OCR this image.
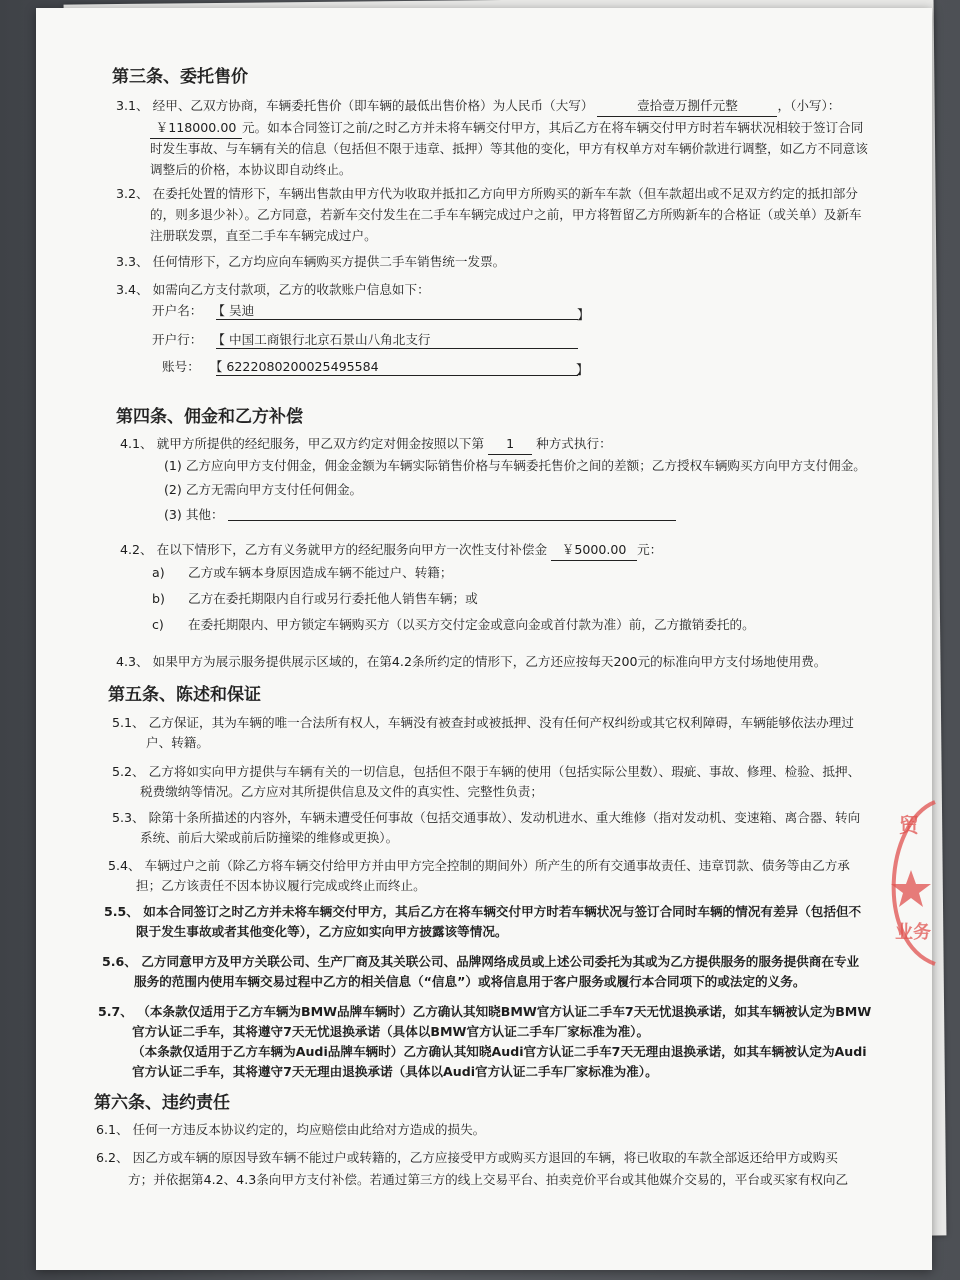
第三条、委托售价
3.1、 经甲、乙双方协商，车辆委托售价（即车辆的最低出售价格）为人民币（大写）	壹拾壹万捌仟元整	，（小写）：
￥118000.00 元。如本合同签订之前/之时乙方并未将车辆交付甲方，其后乙方在将车辆交付甲方时若车辆状况相较于签订合同
时发生事故、与车辆有关的信息（包括但不限于违章、抵押）等其他的变化，甲方有权单方对车辆价款进行调整，如乙方不同意该
调整后的价格，本协议即自动终止。
3.2、 在委托处置的情形下，车辆出售款由甲方代为收取并抵扣乙方向甲方所购买的新车车款（但车款超出或不足双方约定的抵扣部分
的，则多退少补）。乙方同意，若新车交付发生在二手车车辆完成过户之前，甲方将暂留乙方所购新车的合格证（或关单）及新车
注册联发票，直至二手车车辆完成过户。
3.3、 任何情形下，乙方均应向车辆购买方提供二手车销售统一发票。
3.4、 如需向乙方支付款项，乙方的收款账户信息如下：
开户名： 【 吴迪	】
开户行： 【 中国工商银行北京石景山八角北支行
账号： 【 6222080200025495584	】
第四条、佣金和乙方补偿
4.1、 就甲方所提供的经纪服务，甲乙双方约定对佣金按照以下第 1 种方式执行：
(1) 乙方应向甲方支付佣金，佣金金额为车辆实际销售价格与车辆委托售价之间的差额；乙方授权车辆购买方向甲方支付佣金。
(2) 乙方无需向甲方支付任何佣金。
(3) 其他：
4.2、 在以下情形下，乙方有义务就甲方的经纪服务向甲方一次性支付补偿金 ￥5000.00 元：
a) 乙方或车辆本身原因造成车辆不能过户、转籍；
b) 乙方在委托期限内自行或另行委托他人销售车辆；或
c) 在委托期限内、甲方锁定车辆购买方（以买方交付定金或意向金或首付款为准）前，乙方撤销委托的。
4.3、 如果甲方为展示服务提供展示区域的，在第4.2条所约定的情形下，乙方还应按每天200元的标准向甲方支付场地使用费。
第五条、陈述和保证
5.1、 乙方保证，其为车辆的唯一合法所有权人，车辆没有被查封或被抵押、没有任何产权纠纷或其它权利障碍，车辆能够依法办理过
户、转籍。
5.2、 乙方将如实向甲方提供与车辆有关的一切信息，包括但不限于车辆的使用（包括实际公里数）、瑕疵、事故、修理、检验、抵押、
税费缴纳等情况。乙方应对其所提供信息及文件的真实性、完整性负责；
5.3、 除第十条所描述的内容外，车辆未遭受任何事故（包括交通事故）、发动机进水、重大维修（指对发动机、变速箱、离合器、转向
系统、前后大梁或前后防撞梁的维修或更换）。
5.4、 车辆过户之前（除乙方将车辆交付给甲方并由甲方完全控制的期间外）所产生的所有交通事故责任、违章罚款、债务等由乙方承
担；乙方该责任不因本协议履行完成或终止而终止。
5.5、 如本合同签订之时乙方并未将车辆交付甲方，其后乙方在将车辆交付甲方时若车辆状况与签订合同时车辆的情况有差异（包括但不
限于发生事故或者其他变化等），乙方应如实向甲方披露该等情况。
5.6、 乙方同意甲方及甲方关联公司、生产厂商及其关联公司、品牌网络成员或上述公司委托为其或为乙方提供服务的服务提供商在专业
服务的范围内使用车辆交易过程中乙方的相关信息（“信息”）或将信息用于客户服务或履行本合同项下的或法定的义务。
5.7、 （本条款仅适用于乙方车辆为BMW品牌车辆时）乙方确认其知晓BMW官方认证二手车7天无忧退换承诺，如其车辆被认定为BMW
官方认证二手车，其将遵守7天无忧退换承诺（具体以BMW官方认证二手车厂家标准为准）。
（本条款仅适用于乙方车辆为Audi品牌车辆时）乙方确认其知晓Audi官方认证二手车7天无理由退换承诺，如其车辆被认定为Audi
官方认证二手车，其将遵守7天无理由退换承诺（具体以Audi官方认证二手车厂家标准为准）。
第六条、违约责任
6.1、 任何一方违反本协议约定的，均应赔偿由此给对方造成的损失。
6.2、 因乙方或车辆的原因导致车辆不能过户或转籍的，乙方应接受甲方或购买方退回的车辆，将已收取的车款全部返还给甲方或购买
方；并依据第4.2、4.3条向甲方支付补偿。若通过第三方的线上交易平台、拍卖竞价平台或其他媒介交易的，平台或买家有权向乙
贸
业务
